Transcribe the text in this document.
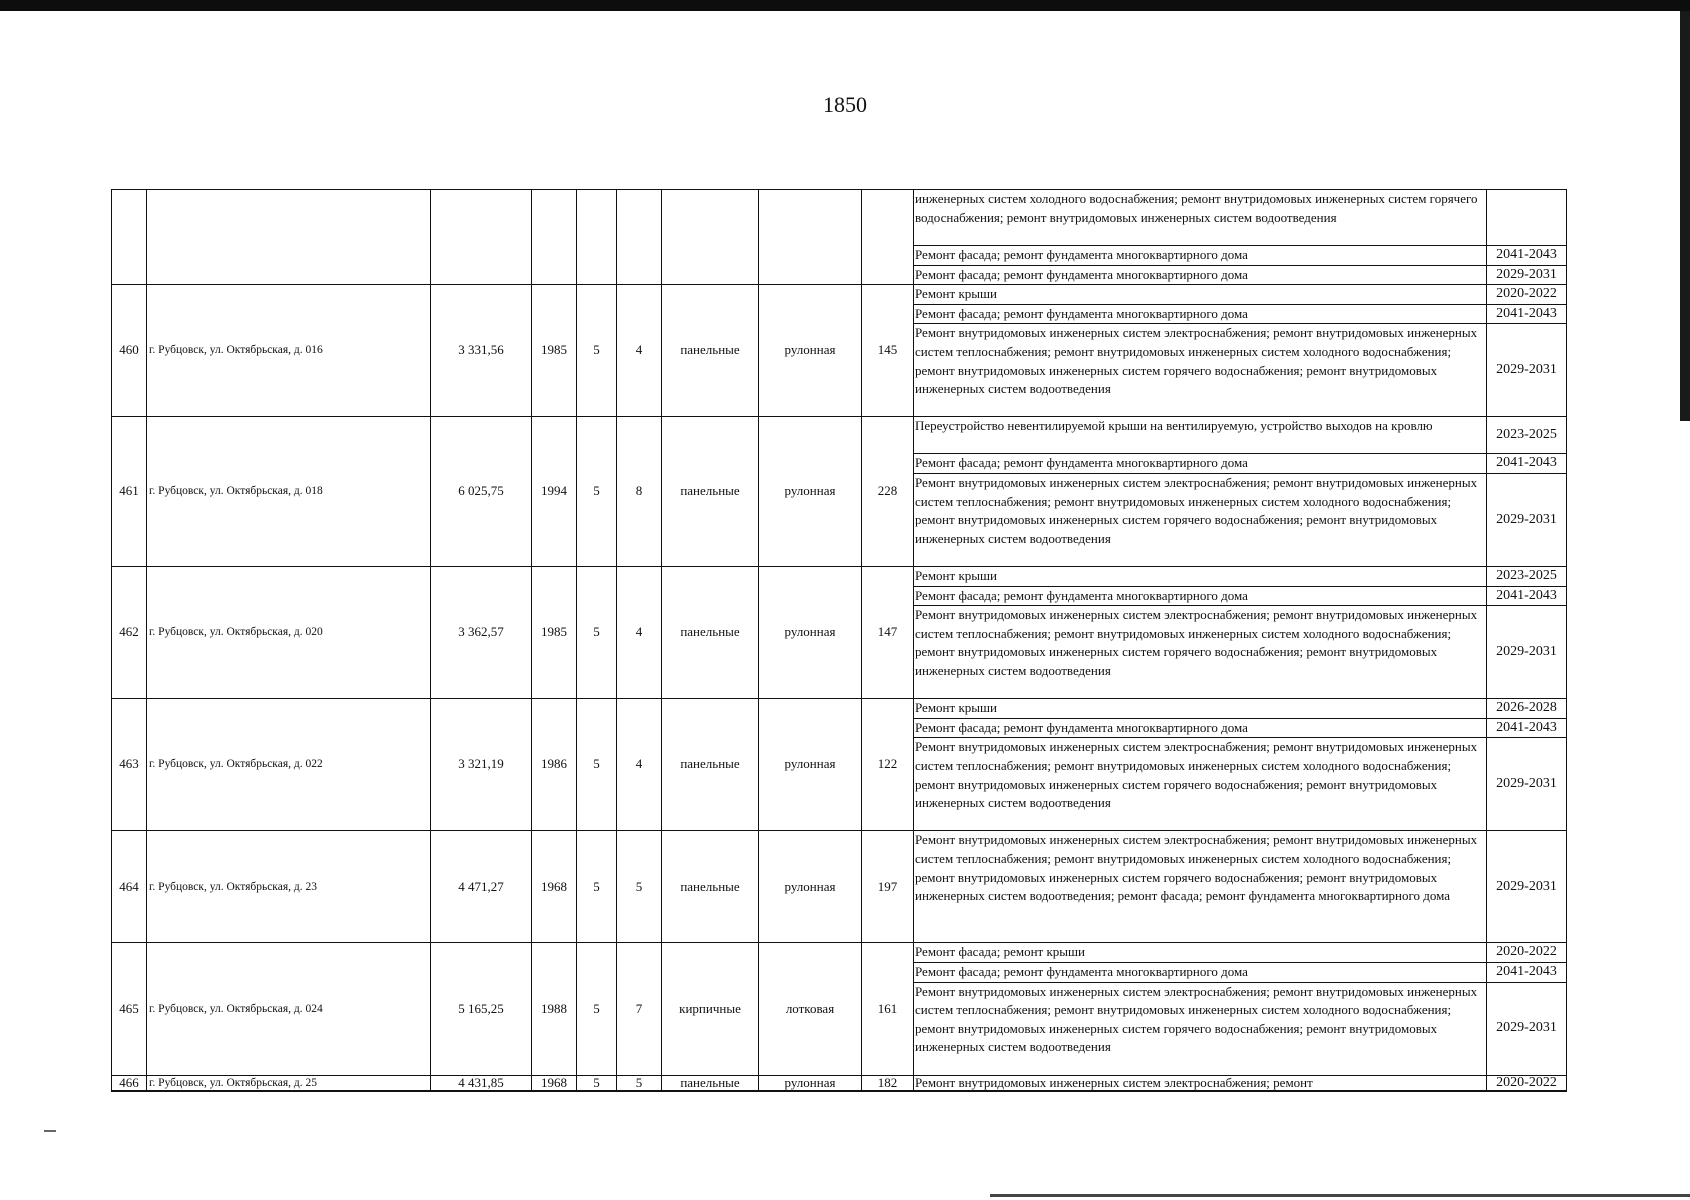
1850
									инженерных систем холодного водоснабжения; ремонт внутридомовых инженерных систем горячего водоснабжения; ремонт внутридомовых инженерных систем водоотведения	
									Ремонт фасада; ремонт фундамента многоквартирного дома	2041-2043
									Ремонт фасада; ремонт фундамента многоквартирного дома	2029-2031
460	г. Рубцовск, ул. Октябрьская, д. 016	3 331,56	1985	5	4	панельные	рулонная	145	Ремонт крыши	2020-2022
									Ремонт фасада; ремонт фундамента многоквартирного дома	2041-2043
									Ремонт внутридомовых инженерных систем электроснабжения; ремонт внутридомовых инженерных систем теплоснабжения; ремонт внутридомовых инженерных систем холодного водоснабжения; ремонт внутридомовых инженерных систем горячего водоснабжения; ремонт внутридомовых инженерных систем водоотведения	2029-2031
461	г. Рубцовск, ул. Октябрьская, д. 018	6 025,75	1994	5	8	панельные	рулонная	228	Переустройство невентилируемой крыши на вентилируемую, устройство выходов на кровлю	2023-2025
									Ремонт фасада; ремонт фундамента многоквартирного дома	2041-2043
									Ремонт внутридомовых инженерных систем электроснабжения; ремонт внутридомовых инженерных систем теплоснабжения; ремонт внутридомовых инженерных систем холодного водоснабжения; ремонт внутридомовых инженерных систем горячего водоснабжения; ремонт внутридомовых инженерных систем водоотведения	2029-2031
462	г. Рубцовск, ул. Октябрьская, д. 020	3 362,57	1985	5	4	панельные	рулонная	147	Ремонт крыши	2023-2025
									Ремонт фасада; ремонт фундамента многоквартирного дома	2041-2043
									Ремонт внутридомовых инженерных систем электроснабжения; ремонт внутридомовых инженерных систем теплоснабжения; ремонт внутридомовых инженерных систем холодного водоснабжения; ремонт внутридомовых инженерных систем горячего водоснабжения; ремонт внутридомовых инженерных систем водоотведения	2029-2031
463	г. Рубцовск, ул. Октябрьская, д. 022	3 321,19	1986	5	4	панельные	рулонная	122	Ремонт крыши	2026-2028
									Ремонт фасада; ремонт фундамента многоквартирного дома	2041-2043
									Ремонт внутридомовых инженерных систем электроснабжения; ремонт внутридомовых инженерных систем теплоснабжения; ремонт внутридомовых инженерных систем холодного водоснабжения; ремонт внутридомовых инженерных систем горячего водоснабжения; ремонт внутридомовых инженерных систем водоотведения	2029-2031
464	г. Рубцовск, ул. Октябрьская, д. 23	4 471,27	1968	5	5	панельные	рулонная	197	Ремонт внутридомовых инженерных систем электроснабжения; ремонт внутридомовых инженерных систем теплоснабжения; ремонт внутридомовых инженерных систем холодного водоснабжения; ремонт внутридомовых инженерных систем горячего водоснабжения; ремонт внутридомовых инженерных систем водоотведения; ремонт фасада; ремонт фундамента многоквартирного дома	2029-2031
465	г. Рубцовск, ул. Октябрьская, д. 024	5 165,25	1988	5	7	кирпичные	лотковая	161	Ремонт фасада; ремонт крыши	2020-2022
									Ремонт фасада; ремонт фундамента многоквартирного дома	2041-2043
									Ремонт внутридомовых инженерных систем электроснабжения; ремонт внутридомовых инженерных систем теплоснабжения; ремонт внутридомовых инженерных систем холодного водоснабжения; ремонт внутридомовых инженерных систем горячего водоснабжения; ремонт внутридомовых инженерных систем водоотведения	2029-2031
466	г. Рубцовск, ул. Октябрьская, д. 25	4 431,85	1968	5	5	панельные	рулонная	182	Ремонт внутридомовых инженерных систем электроснабжения; ремонт	2020-2022
